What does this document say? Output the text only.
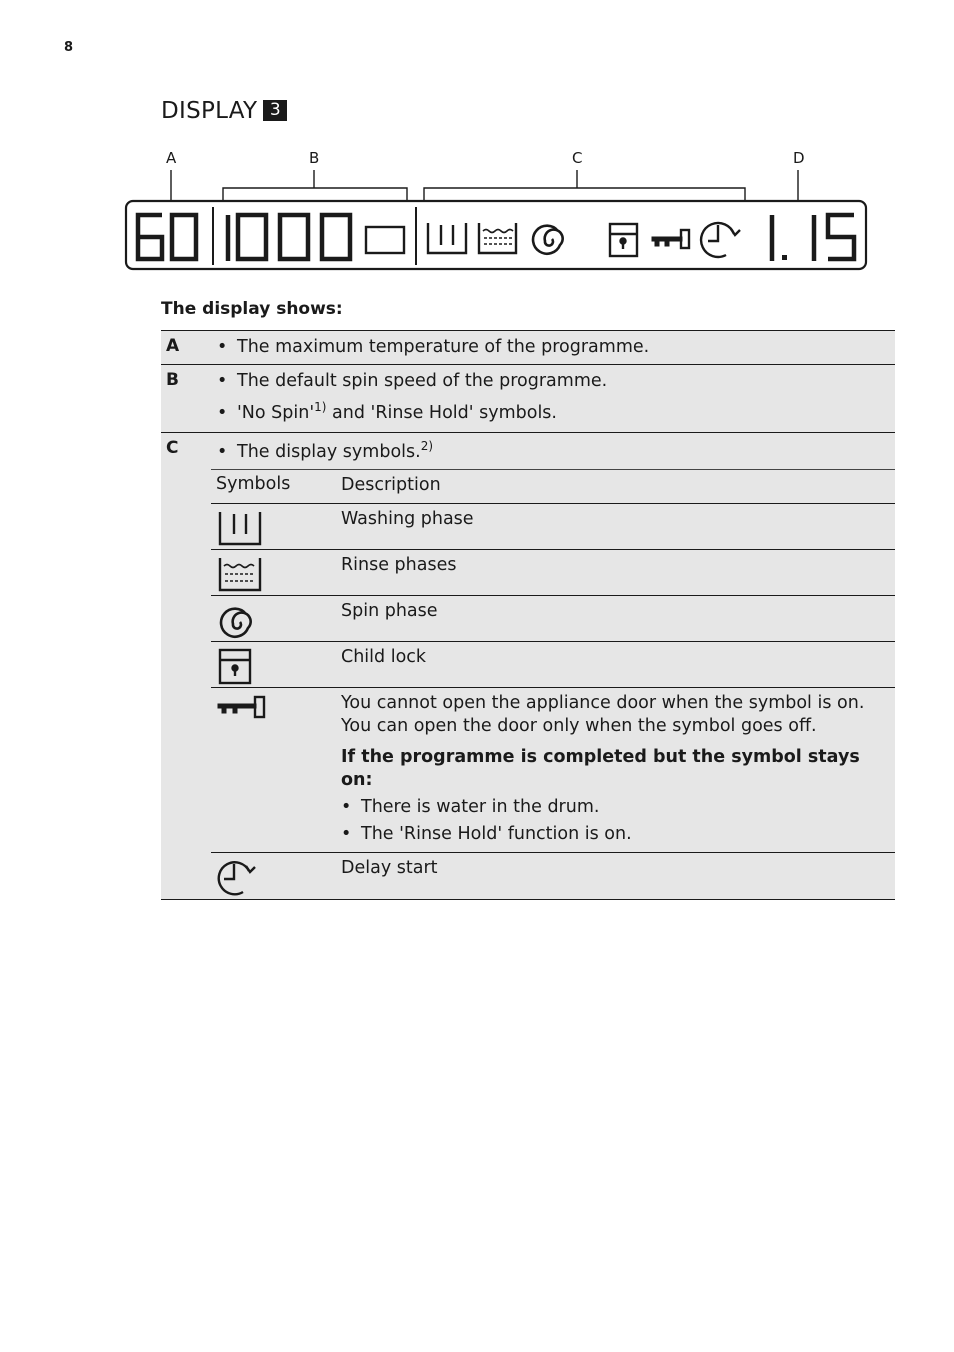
8
DISPLAY 3
A	B	C	D
The display shows:
A	• The maximum temperature of the programme.
B	• The default spin speed of the programme.
• 'No $Spin'^{1)}$ and 'Rinse Hold' symbols.
C	• The display symbols.$^{2)}$
Symbols	Description
Washing phase
Rinse phases
Spin phase
Child lock
You cannot open the appliance door when the symbol is on.
You can open the door only when the symbol goes off.
If the programme is completed but the symbol stays on:
• There is water in the drum.
• The 'Rinse Hold' function is on.
Delay start
